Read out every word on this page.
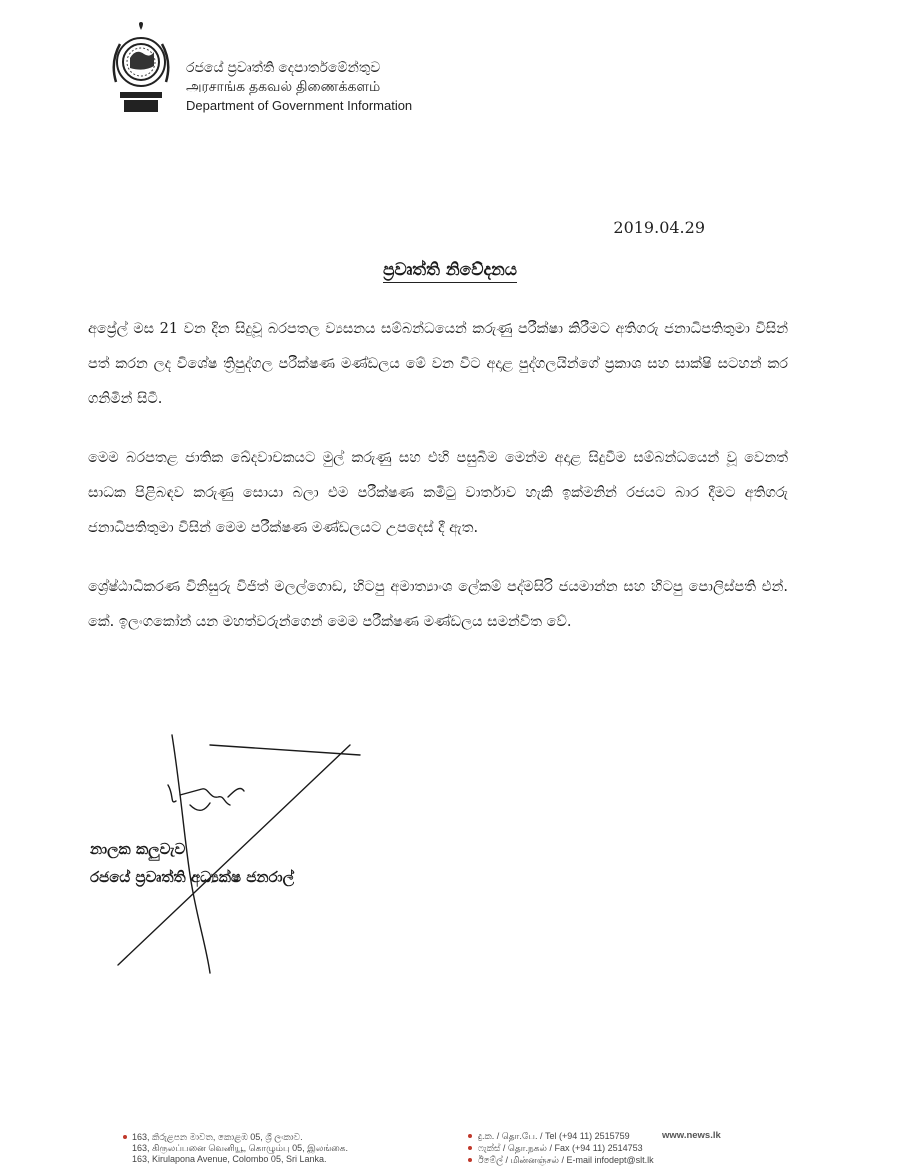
රජයේ ප්‍රවෘත්ති දෙපාර්තමේන්තුව
அரசாங்க தகவல் திணைக்களம்
Department of Government Information
2019.04.29
ප්‍රවෘත්ති නිවේදනය

අප්‍රේල් මස 21 වන දින සිදුවූ බරපතල ව්‍යසනය සම්බන්ධයෙන් කරුණු පරීක්ෂා කිරීමට අතිගරු ජනාධිපතිතුමා විසින් පත් කරන ලද විශේෂ ත්‍රිපුද්ගල පරීක්ෂණ මණ්ඩලය මේ වන විට අදාළ පුද්ගලයින්ගේ ප්‍රකාශ සහ සාක්ෂි සටහන් කර ගනිමින් සිටී.

මෙම බරපතළ ජාතික ඛේදවාචකයට මුල් කරුණු සහ එහි පසුබිම මෙන්ම අදාළ සිදුවීම සම්බන්ධයෙන් වූ වෙනත් සාධක පිළිබඳව කරුණු සොයා බලා එම පරීක්ෂණ කමිටු වාර්තාව හැකි ඉක්මනින් රජයට බාර දීමට අතිගරු ජනාධිපතිතුමා විසින් මෙම පරීක්ෂණ මණ්ඩලයට උපදෙස් දී ඇත.

ශ්‍රේෂ්ඨාධිකරණ විනිසුරු විජිත් මලල්ගොඩ, හිටපු අමාත්‍යාංශ ලේකම් පද්මසිරි ජයමාන්න සහ හිටපු පොලිස්පති එන්. කේ. ඉලංගකෝන් යන මහත්වරුන්ගෙන් මෙම පරීක්ෂණ මණ්ඩලය සමන්විත වේ.

නාලක කලුවැව
රජයේ ප්‍රවෘත්ති අධ්‍යක්ෂ ජනරාල්
163, කිරුළපන මාවත, කොළඹ 05, ශ්‍රී ලංකාව.
163, கிருலப்பனை வெனியூ, கொழும்பு 05, இலங்கை.
163, Kirulapona Avenue, Colombo 05, Sri Lanka.
දු.ක. / தொ.பே. / Tel (+94 11) 2515759
ෆැක්ස් / தொ.நகல் / Fax (+94 11) 2514753
ඊමේල් / மின்னஞ்சல் / E-mail infodept@slt.lk
www.news.lk
